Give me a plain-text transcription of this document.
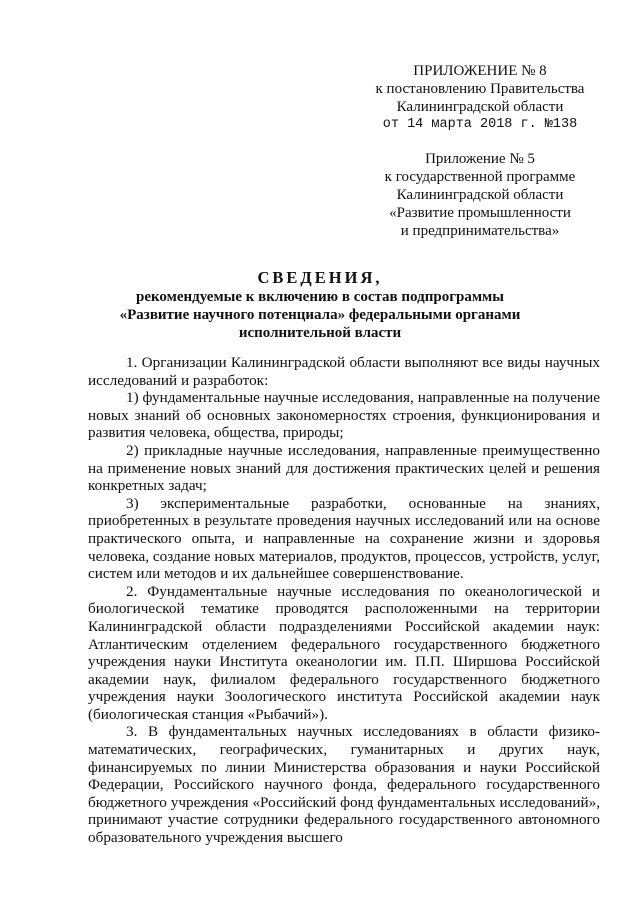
ПРИЛОЖЕНИЕ № 8
к постановлению Правительства
Калининградской области
от 14 марта 2018 г. №138
Приложение № 5
к государственной программе
Калининградской области
«Развитие промышленности
и предпринимательства»
СВЕДЕНИЯ,
рекомендуемые к включению в состав подпрограммы
«Развитие научного потенциала» федеральными органами
исполнительной власти

1. Организации Калининградской области выполняют все виды научных исследований и разработок:

1) фундаментальные научные исследования, направленные на получение новых знаний об основных закономерностях строения, функционирования и развития человека, общества, природы;

2) прикладные научные исследования, направленные преимущественно на применение новых знаний для достижения практических целей и решения конкретных задач;

3) экспериментальные разработки, основанные на знаниях, приобретенных в результате проведения научных исследований или на основе практического опыта, и направленные на сохранение жизни и здоровья человека, создание новых материалов, продуктов, процессов, устройств, услуг, систем или методов и их дальнейшее совершенствование.

2. Фундаментальные научные исследования по океанологической и биологической тематике проводятся расположенными на территории Калининградской области подразделениями Российской академии наук: Атлантическим отделением федерального государственного бюджетного учреждения науки Института океанологии им. П.П. Ширшова Российской академии наук, филиалом федерального государственного бюджетного учреждения науки Зоологического института Российской академии наук (биологическая станция «Рыбачий»).

3. В фундаментальных научных исследованиях в области физико-математических, географических, гуманитарных и других наук, финансируемых по линии Министерства образования и науки Российской Федерации, Российского научного фонда, федерального государственного бюджетного учреждения «Российский фонд фундаментальных исследований», принимают участие сотрудники федерального государственного автономного образовательного учреждения высшего
